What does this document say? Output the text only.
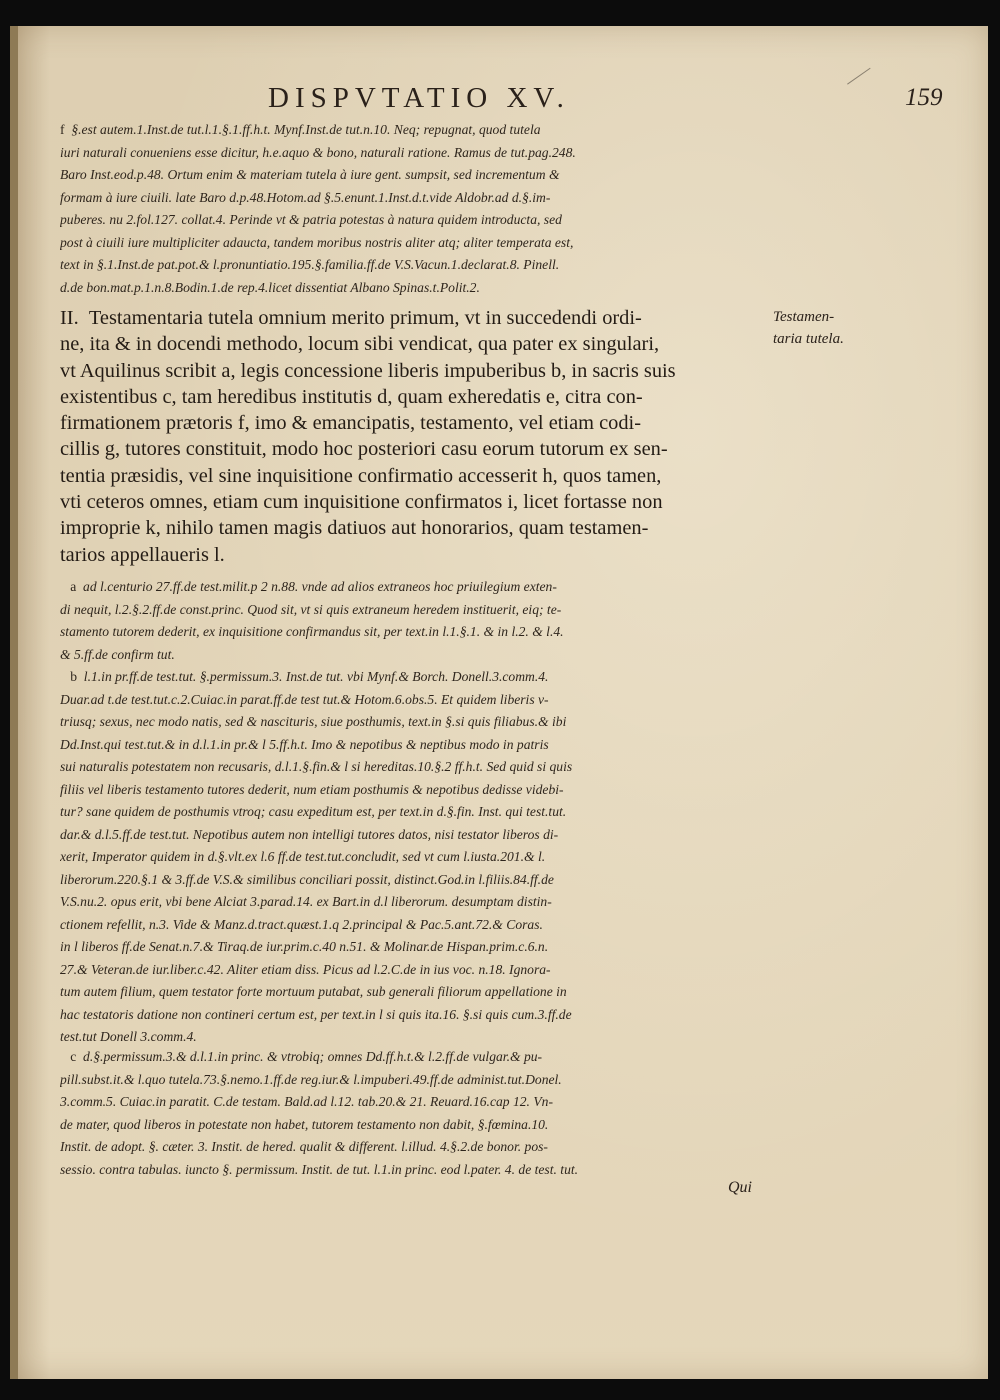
DISPVTATIO XV.	159
f §.est autem.1.Inst.de tut.l.1.§.1.ff.h.t. Mynf.Inst.de tut.n.10. Neq; repugnat, quod tutela
iuri naturali conueniens esse dicitur, h.e.aquo & bono, naturali ratione. Ramus de tut.pag.248.
Baro Inst.eod.p.48. Ortum enim & materiam tutela à iure gent. sumpsit, sed incrementum &
formam à iure ciuili. late Baro d.p.48.Hotom.ad §.5.enunt.1.Inst.d.t.vide Aldobr.ad d.§.im-
puberes. nu 2.fol.127. collat.4. Perinde vt & patria potestas à natura quidem introducta, sed
post à ciuili iure multipliciter adaucta, tandem moribus nostris aliter atq; aliter temperata est,
text in §.1.Inst.de pat.pot.& l.pronuntiatio.195.§.familia.ff.de V.S.Vacun.1.declarat.8. Pinell.
d.de bon.mat.p.1.n.8.Bodin.1.de rep.4.licet dissentiat Albano Spinas.t.Polit.2.
II. Testamentaria tutela omnium merito primum, vt in succedendi ordi-
ne, ita & in docendi methodo, locum sibi vendicat, qua pater ex singulari,
vt Aquilinus scribit a, legis concessione liberis impuberibus b, in sacris suis
existentibus c, tam heredibus institutis d, quam exheredatis e, citra con-
firmationem prætoris f, imo & emancipatis, testamento, vel etiam codi-
cillis g, tutores constituit, modo hoc posteriori casu eorum tutorum ex sen-
tentia præsidis, vel sine inquisitione confirmatio accesserit h, quos tamen,
vti ceteros omnes, etiam cum inquisitione confirmatos i, licet fortasse non
improprie k, nihilo tamen magis datiuos aut honorarios, quam testamen-
tarios appellaueris l.
Testamen-
taria tutela.
a ad l.centurio 27.ff.de test.milit.p 2 n.88. vnde ad alios extraneos hoc priuilegium exten-
di nequit, l.2.§.2.ff.de const.princ. Quod sit, vt si quis extraneum heredem instituerit, eiq; te-
stamento tutorem dederit, ex inquisitione confirmandus sit, per text.in l.1.§.1. & in l.2. & l.4.
& 5.ff.de confirm tut.
b l.1.in pr.ff.de test.tut. §.permissum.3. Inst.de tut. vbi Mynf.& Borch. Donell.3.comm.4.
Duar.ad t.de test.tut.c.2.Cuiac.in parat.ff.de test tut.& Hotom.6.obs.5. Et quidem liberis v-
triusq; sexus, nec modo natis, sed & nascituris, siue posthumis, text.in §.si quis filiabus.& ibi
Dd.Inst.qui test.tut.& in d.l.1.in pr.& l 5.ff.h.t. Imo & nepotibus & neptibus modo in patris
sui naturalis potestatem non recusaris, d.l.1.§.fin.& l si hereditas.10.§.2 ff.h.t. Sed quid si quis
filiis vel liberis testamento tutores dederit, num etiam posthumis & nepotibus dedisse videbi-
tur? sane quidem de posthumis vtroq; casu expeditum est, per text.in d.§.fin. Inst. qui test.tut.
dar.& d.l.5.ff.de test.tut. Nepotibus autem non intelligi tutores datos, nisi testator liberos di-
xerit, Imperator quidem in d.§.vlt.ex l.6 ff.de test.tut.concludit, sed vt cum l.iusta.201.& l.
liberorum.220.§.1 & 3.ff.de V.S.& similibus conciliari possit, distinct.God.in l.filiis.84.ff.de
V.S.nu.2. opus erit, vbi bene Alciat 3.parad.14. ex Bart.in d.l liberorum. desumptam distin-
ctionem refellit, n.3. Vide & Manz.d.tract.quæst.1.q 2.principal & Pac.5.ant.72.& Coras.
in l liberos ff.de Senat.n.7.& Tiraq.de iur.prim.c.40 n.51. & Molinar.de Hispan.prim.c.6.n.
27.& Veteran.de iur.liber.c.42. Aliter etiam diss. Picus ad l.2.C.de in ius voc. n.18. Ignora-
tum autem filium, quem testator forte mortuum putabat, sub generali filiorum appellatione in
hac testatoris datione non contineri certum est, per text.in l si quis ita.16. §.si quis cum.3.ff.de
test.tut Donell 3.comm.4.
c d.§.permissum.3.& d.l.1.in princ. & vtrobiq; omnes Dd.ff.h.t.& l.2.ff.de vulgar.& pu-
pill.subst.it.& l.quo tutela.73.§.nemo.1.ff.de reg.iur.& l.impuberi.49.ff.de administ.tut.Donel.
3.comm.5. Cuiac.in paratit. C.de testam. Bald.ad l.12. tab.20.& 21. Reuard.16.cap 12. Vn-
de mater, quod liberos in potestate non habet, tutorem testamento non dabit, §.fœmina.10.
Instit. de adopt. §. cæter. 3. Instit. de hered. qualit & different. l.illud. 4.§.2.de bonor. pos-
sessio. contra tabulas. iuncto §. permissum. Instit. de tut. l.1.in princ. eod l.pater. 4. de test. tut.
Qui
